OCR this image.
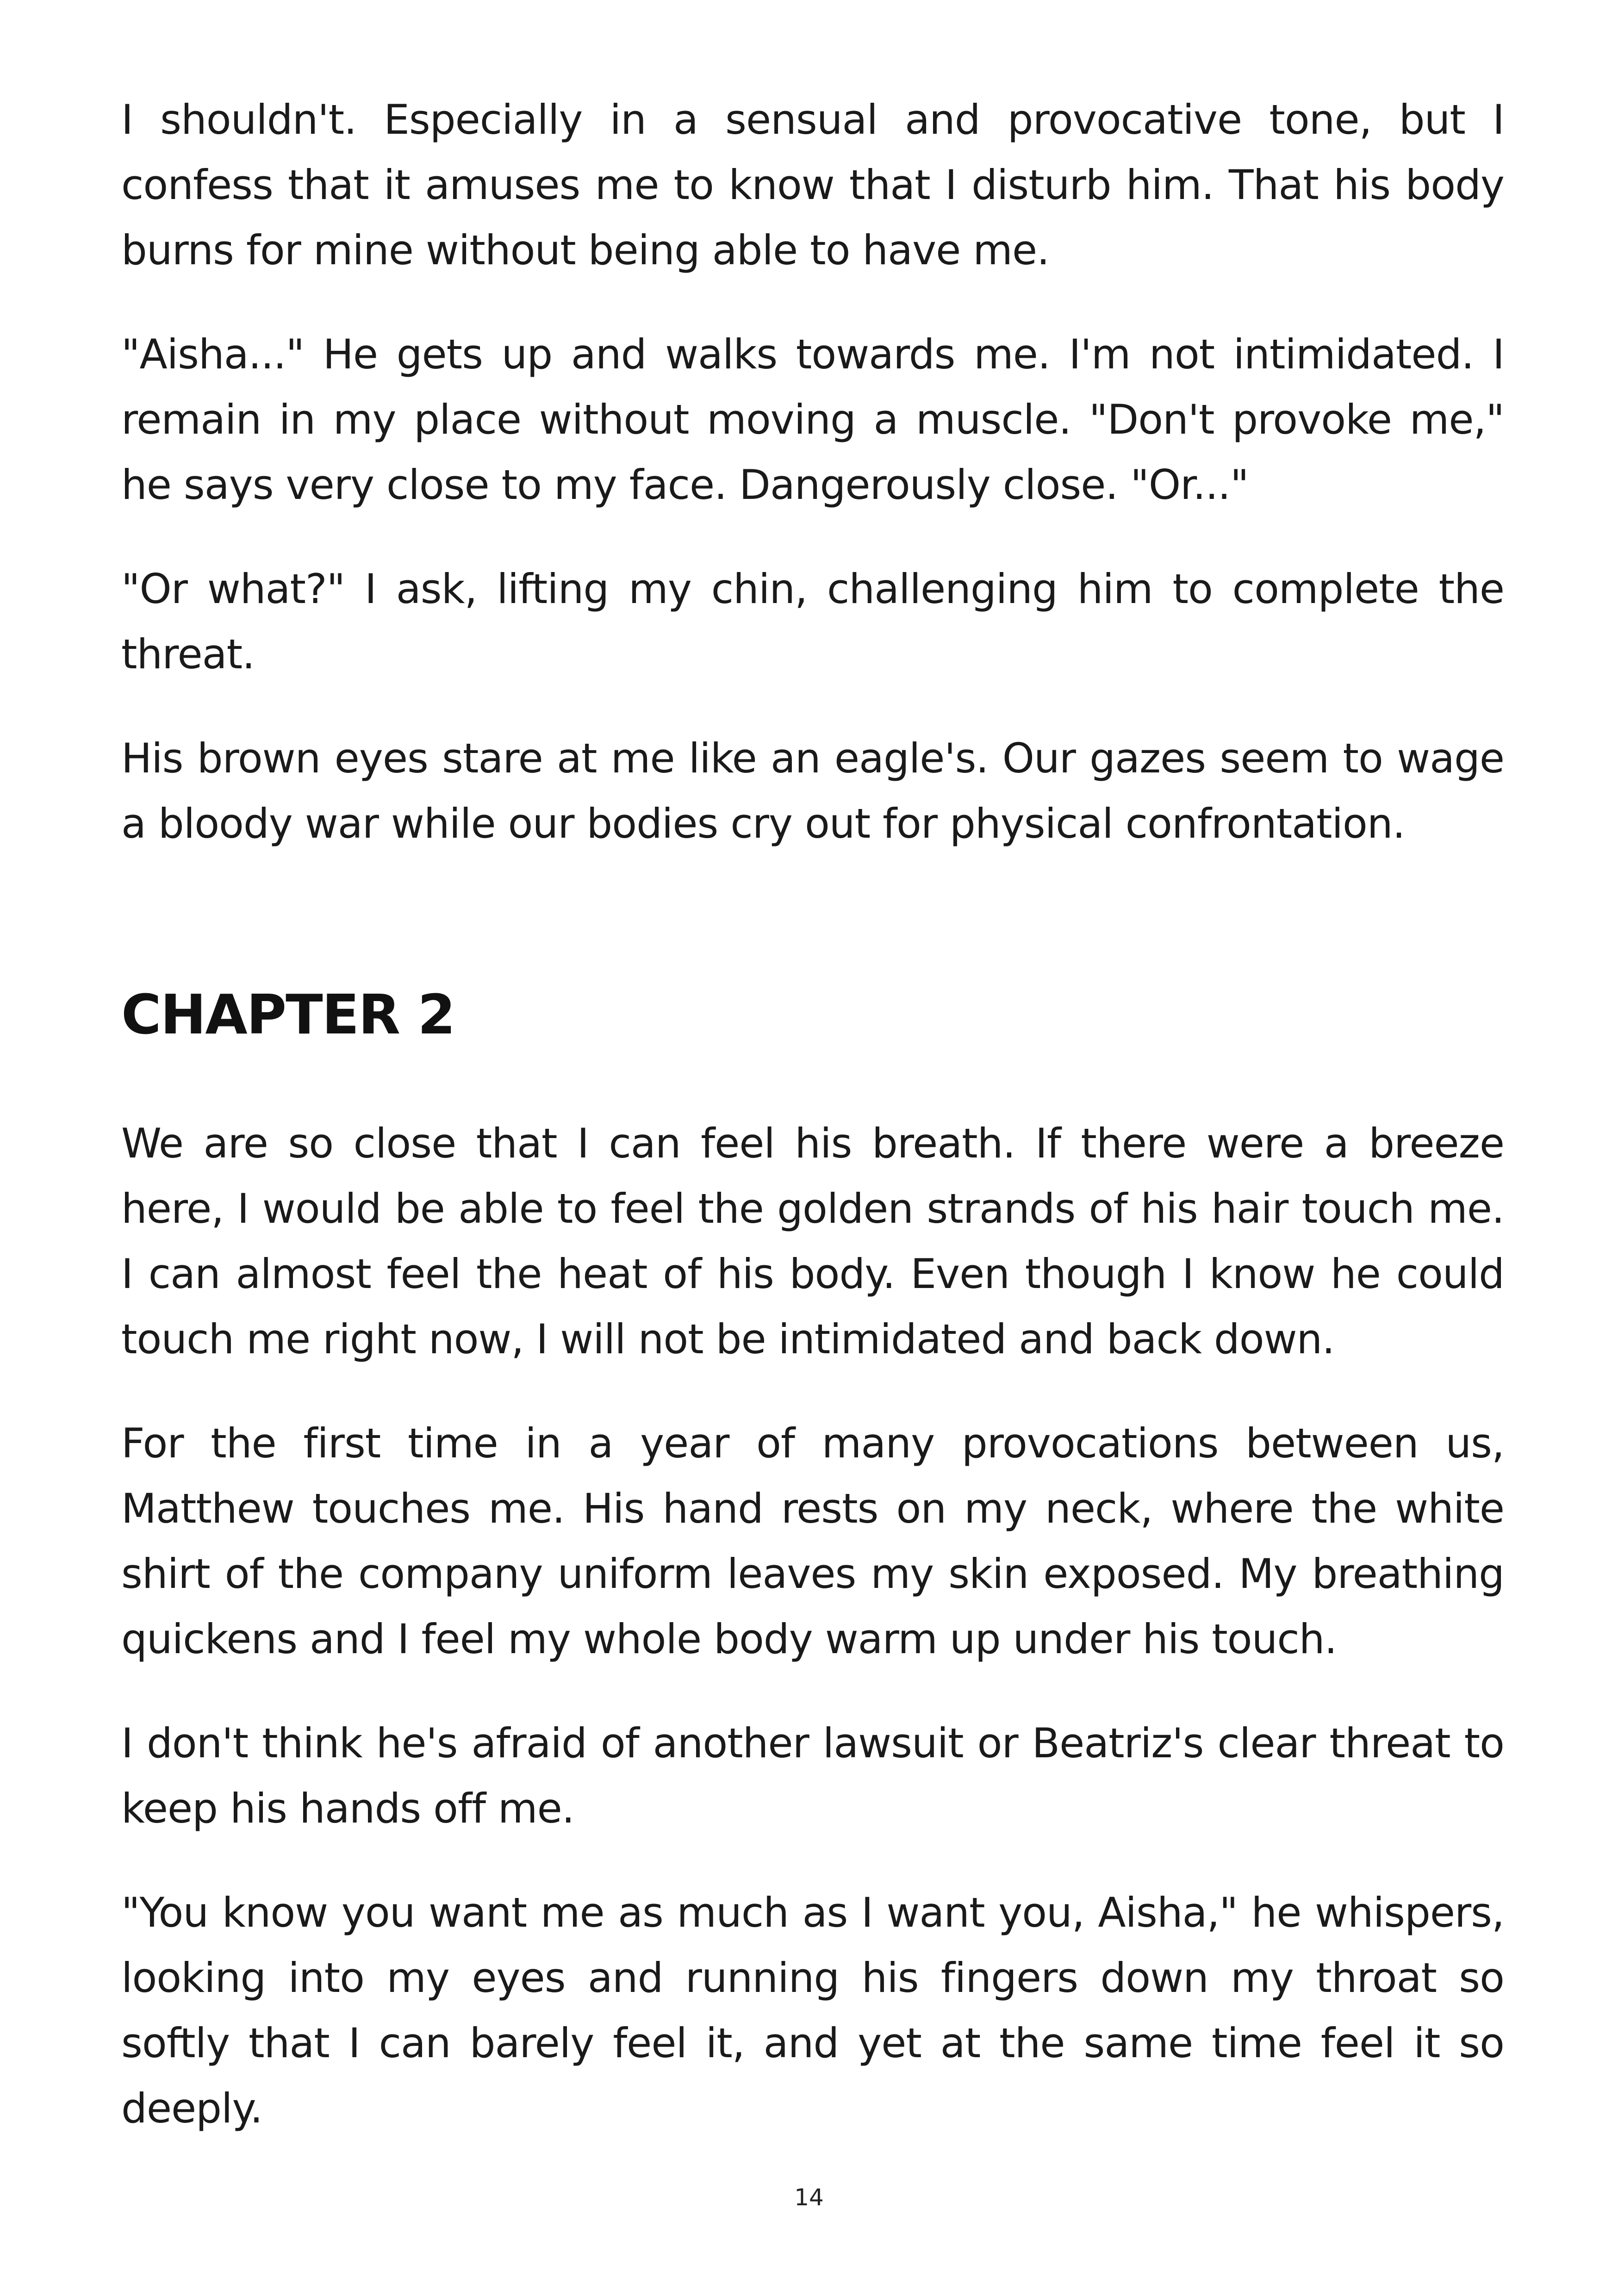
I shouldn't. Especially in a sensual and provocative tone, but I confess that it amuses me to know that I disturb him. That his body burns for mine without being able to have me.

"Aisha..." He gets up and walks towards me. I'm not intimidated. I remain in my place without moving a muscle. "Don't provoke me," he says very close to my face. Dangerously close. "Or..."

"Or what?" I ask, lifting my chin, challenging him to complete the threat.

His brown eyes stare at me like an eagle's. Our gazes seem to wage a bloody war while our bodies cry out for physical confrontation.

CHAPTER 2

We are so close that I can feel his breath. If there were a breeze here, I would be able to feel the golden strands of his hair touch me. I can almost feel the heat of his body. Even though I know he could touch me right now, I will not be intimidated and back down.

For the first time in a year of many provocations between us, Matthew touches me. His hand rests on my neck, where the white shirt of the company uniform leaves my skin exposed. My breathing quickens and I feel my whole body warm up under his touch.

I don't think he's afraid of another lawsuit or Beatriz's clear threat to keep his hands off me.

"You know you want me as much as I want you, Aisha," he whispers, looking into my eyes and running his fingers down my throat so softly that I can barely feel it, and yet at the same time feel it so deeply.

14
